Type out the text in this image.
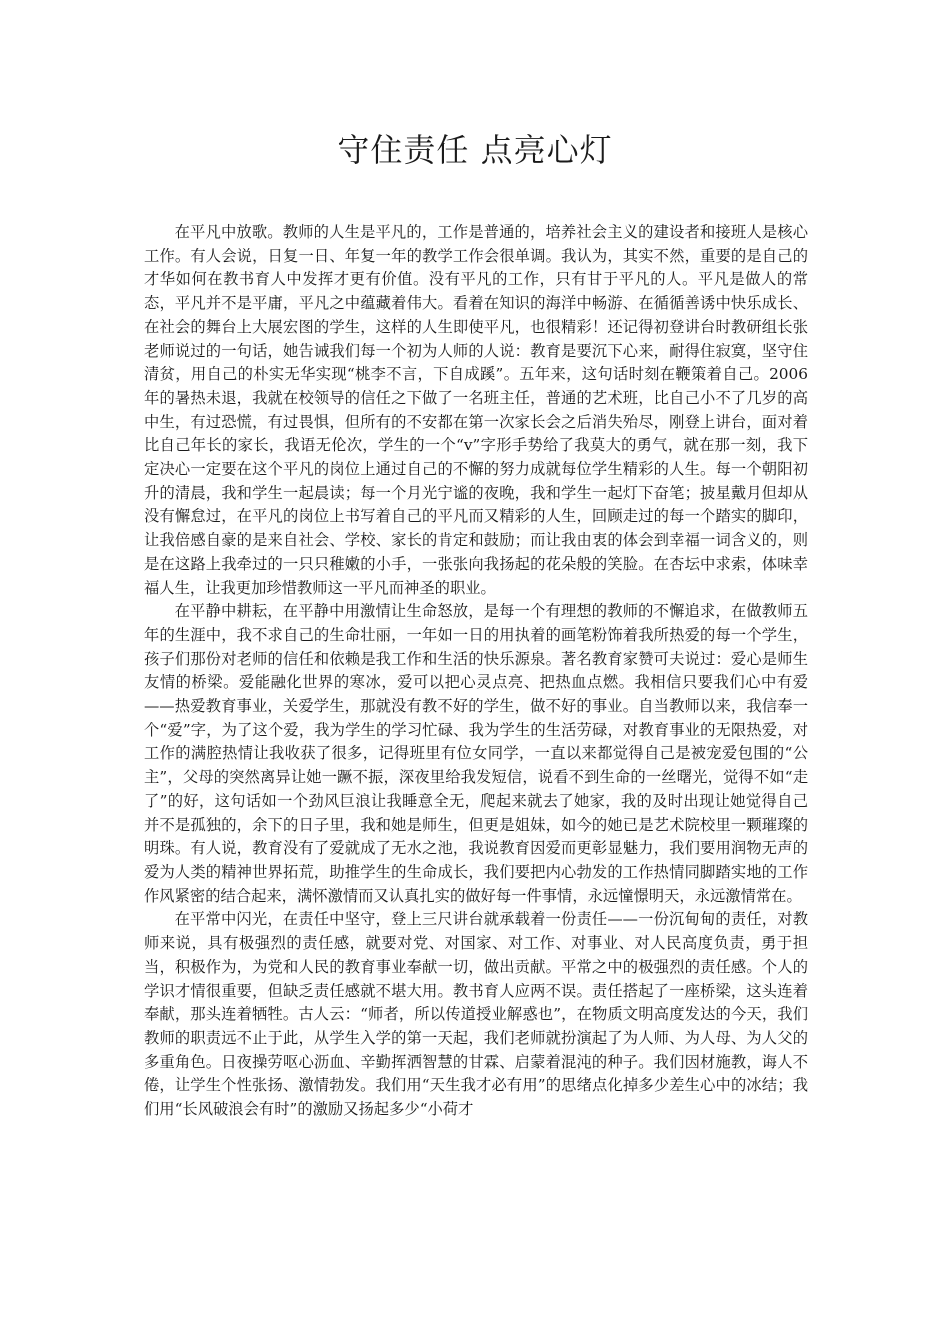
守住责任 点亮心灯

在平凡中放歌。教师的人生是平凡的，工作是普通的，培养社会主义的建设者和接班人是核心工作。有人会说，日复一日、年复一年的教学工作会很单调。我认为，其实不然，重要的是自己的才华如何在教书育人中发挥才更有价值。没有平凡的工作，只有甘于平凡的人。平凡是做人的常态，平凡并不是平庸，平凡之中蕴藏着伟大。看着在知识的海洋中畅游、在循循善诱中快乐成长、在社会的舞台上大展宏图的学生，这样的人生即使平凡，也很精彩！还记得初登讲台时教研组长张老师说过的一句话，她告诫我们每一个初为人师的人说：教育是要沉下心来，耐得住寂寞，坚守住清贫，用自己的朴实无华实现“桃李不言，下自成蹊”。五年来，这句话时刻在鞭策着自己。2006年的暑热未退，我就在校领导的信任之下做了一名班主任，普通的艺术班，比自己小不了几岁的高中生，有过恐慌，有过畏惧，但所有的不安都在第一次家长会之后消失殆尽，刚登上讲台，面对着比自己年长的家长，我语无伦次，学生的一个“v”字形手势给了我莫大的勇气，就在那一刻，我下定决心一定要在这个平凡的岗位上通过自己的不懈的努力成就每位学生精彩的人生。每一个朝阳初升的清晨，我和学生一起晨读；每一个月光宁谧的夜晚，我和学生一起灯下奋笔；披星戴月但却从没有懈怠过，在平凡的岗位上书写着自己的平凡而又精彩的人生，回顾走过的每一个踏实的脚印，让我倍感自豪的是来自社会、学校、家长的肯定和鼓励；而让我由衷的体会到幸福一词含义的，则是在这路上我牵过的一只只稚嫩的小手，一张张向我扬起的花朵般的笑脸。在杏坛中求索，体味幸福人生，让我更加珍惜教师这一平凡而神圣的职业。

在平静中耕耘，在平静中用激情让生命怒放，是每一个有理想的教师的不懈追求，在做教师五年的生涯中，我不求自己的生命壮丽，一年如一日的用执着的画笔粉饰着我所热爱的每一个学生，孩子们那份对老师的信任和依赖是我工作和生活的快乐源泉。著名教育家赞可夫说过：爱心是师生友情的桥梁。爱能融化世界的寒冰，爱可以把心灵点亮、把热血点燃。我相信只要我们心中有爱——热爱教育事业，关爱学生，那就没有教不好的学生，做不好的事业。自当教师以来，我信奉一个“爱”字，为了这个爱，我为学生的学习忙碌、我为学生的生活劳碌，对教育事业的无限热爱，对工作的满腔热情让我收获了很多，记得班里有位女同学，一直以来都觉得自己是被宠爱包围的“公主”，父母的突然离异让她一蹶不振，深夜里给我发短信，说看不到生命的一丝曙光，觉得不如“走了”的好，这句话如一个劲风巨浪让我睡意全无，爬起来就去了她家，我的及时出现让她觉得自己并不是孤独的，余下的日子里，我和她是师生，但更是姐妹，如今的她已是艺术院校里一颗璀璨的明珠。有人说，教育没有了爱就成了无水之池，我说教育因爱而更彰显魅力，我们要用润物无声的爱为人类的精神世界拓荒，助推学生的生命成长，我们要把内心勃发的工作热情同脚踏实地的工作作风紧密的结合起来，满怀激情而又认真扎实的做好每一件事情，永远憧憬明天，永远激情常在。

在平常中闪光，在责任中坚守，登上三尺讲台就承载着一份责任——一份沉甸甸的责任，对教师来说，具有极强烈的责任感，就要对党、对国家、对工作、对事业、对人民高度负责，勇于担当，积极作为，为党和人民的教育事业奉献一切，做出贡献。平常之中的极强烈的责任感。个人的学识才情很重要，但缺乏责任感就不堪大用。教书育人应两不误。责任搭起了一座桥梁，这头连着奉献，那头连着牺牲。古人云：“师者，所以传道授业解惑也”，在物质文明高度发达的今天，我们教师的职责远不止于此，从学生入学的第一天起，我们老师就扮演起了为人师、为人母、为人父的多重角色。日夜操劳呕心沥血、辛勤挥洒智慧的甘霖、启蒙着混沌的种子。我们因材施教，诲人不倦，让学生个性张扬、激情勃发。我们用“天生我才必有用”的思绪点化掉多少差生心中的冰结；我们用“长风破浪会有时”的激励又扬起多少“小荷才
